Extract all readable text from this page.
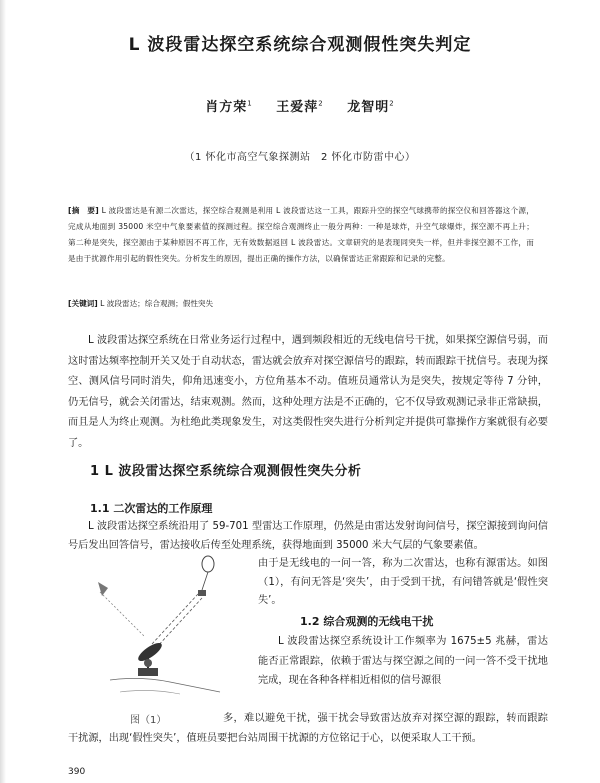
L 波段雷达探空系统综合观测假性突失判定
肖方荣$^1$ 王爱萍$^2$ 龙智明$^2$
（1 怀化市高空气象探测站　2 怀化市防雷中心）
[摘　要] L 波段雷达是有源二次雷达，探空综合观测是利用 L 波段雷达这一工具，跟踪升空的探空气球携带的探空仪和回答器这个源，完成从地面到 35000 米空中气象要素值的探测过程。探空综合观测终止一般分两种：一种是球炸，升空气球爆炸，探空源不再上升；第二种是突失，探空源由于某种原因不再工作，无有效数据返回 L 波段雷达。文章研究的是表现同突失一样，但并非探空源不工作，而是由于扰源作用引起的假性突失。分析发生的原因，提出正确的操作方法，以确保雷达正常跟踪和记录的完整。
[关键词] L 波段雷达；综合观测；假性突失
L 波段雷达探空系统在日常业务运行过程中，遇到频段相近的无线电信号干扰，如果探空源信号弱，而这时雷达频率控制开关又处于自动状态，雷达就会放弃对探空源信号的跟踪，转而跟踪干扰信号。表现为探空、测风信号同时消失，仰角迅速变小，方位角基本不动。值班员通常认为是突失，按规定等待 7 分钟，仍无信号，就会关闭雷达，结束观测。然而，这种处理方法是不正确的，它不仅导致观测记录非正常缺损，而且是人为终止观测。为杜绝此类现象发生，对这类假性突失进行分析判定并提供可靠操作方案就很有必要了。
1 L 波段雷达探空系统综合观测假性突失分析
1.1 二次雷达的工作原理
L 波段雷达探空系统沿用了 59-701 型雷达工作原理，仍然是由雷达发射询问信号，探空源接到询问信号后发出回答信号，雷达接收后传至处理系统，获得地面到 35000 米大气层的气象要素值。
由于是无线电的一问一答，称为二次雷达，也称有源雷达。如图（1），有问无答是‘突失’，由于受到干扰，有问错答就是‘假性突失’。
1.2 综合观测的无线电干扰
L 波段雷达探空系统设计工作频率为 1675±5 兆赫，雷达能否正常跟踪，依赖于雷达与探空源之间的一问一答不受干扰地完成，现在各种各样相近相似的信号源很
多，难以避免干扰，强干扰会导致雷达放弃对探空源的跟踪，转而跟踪干扰源，出现‘假性突失’，值班员要把台站周围干扰源的方位铭记于心，以便采取人工干预。
图（1）
390
